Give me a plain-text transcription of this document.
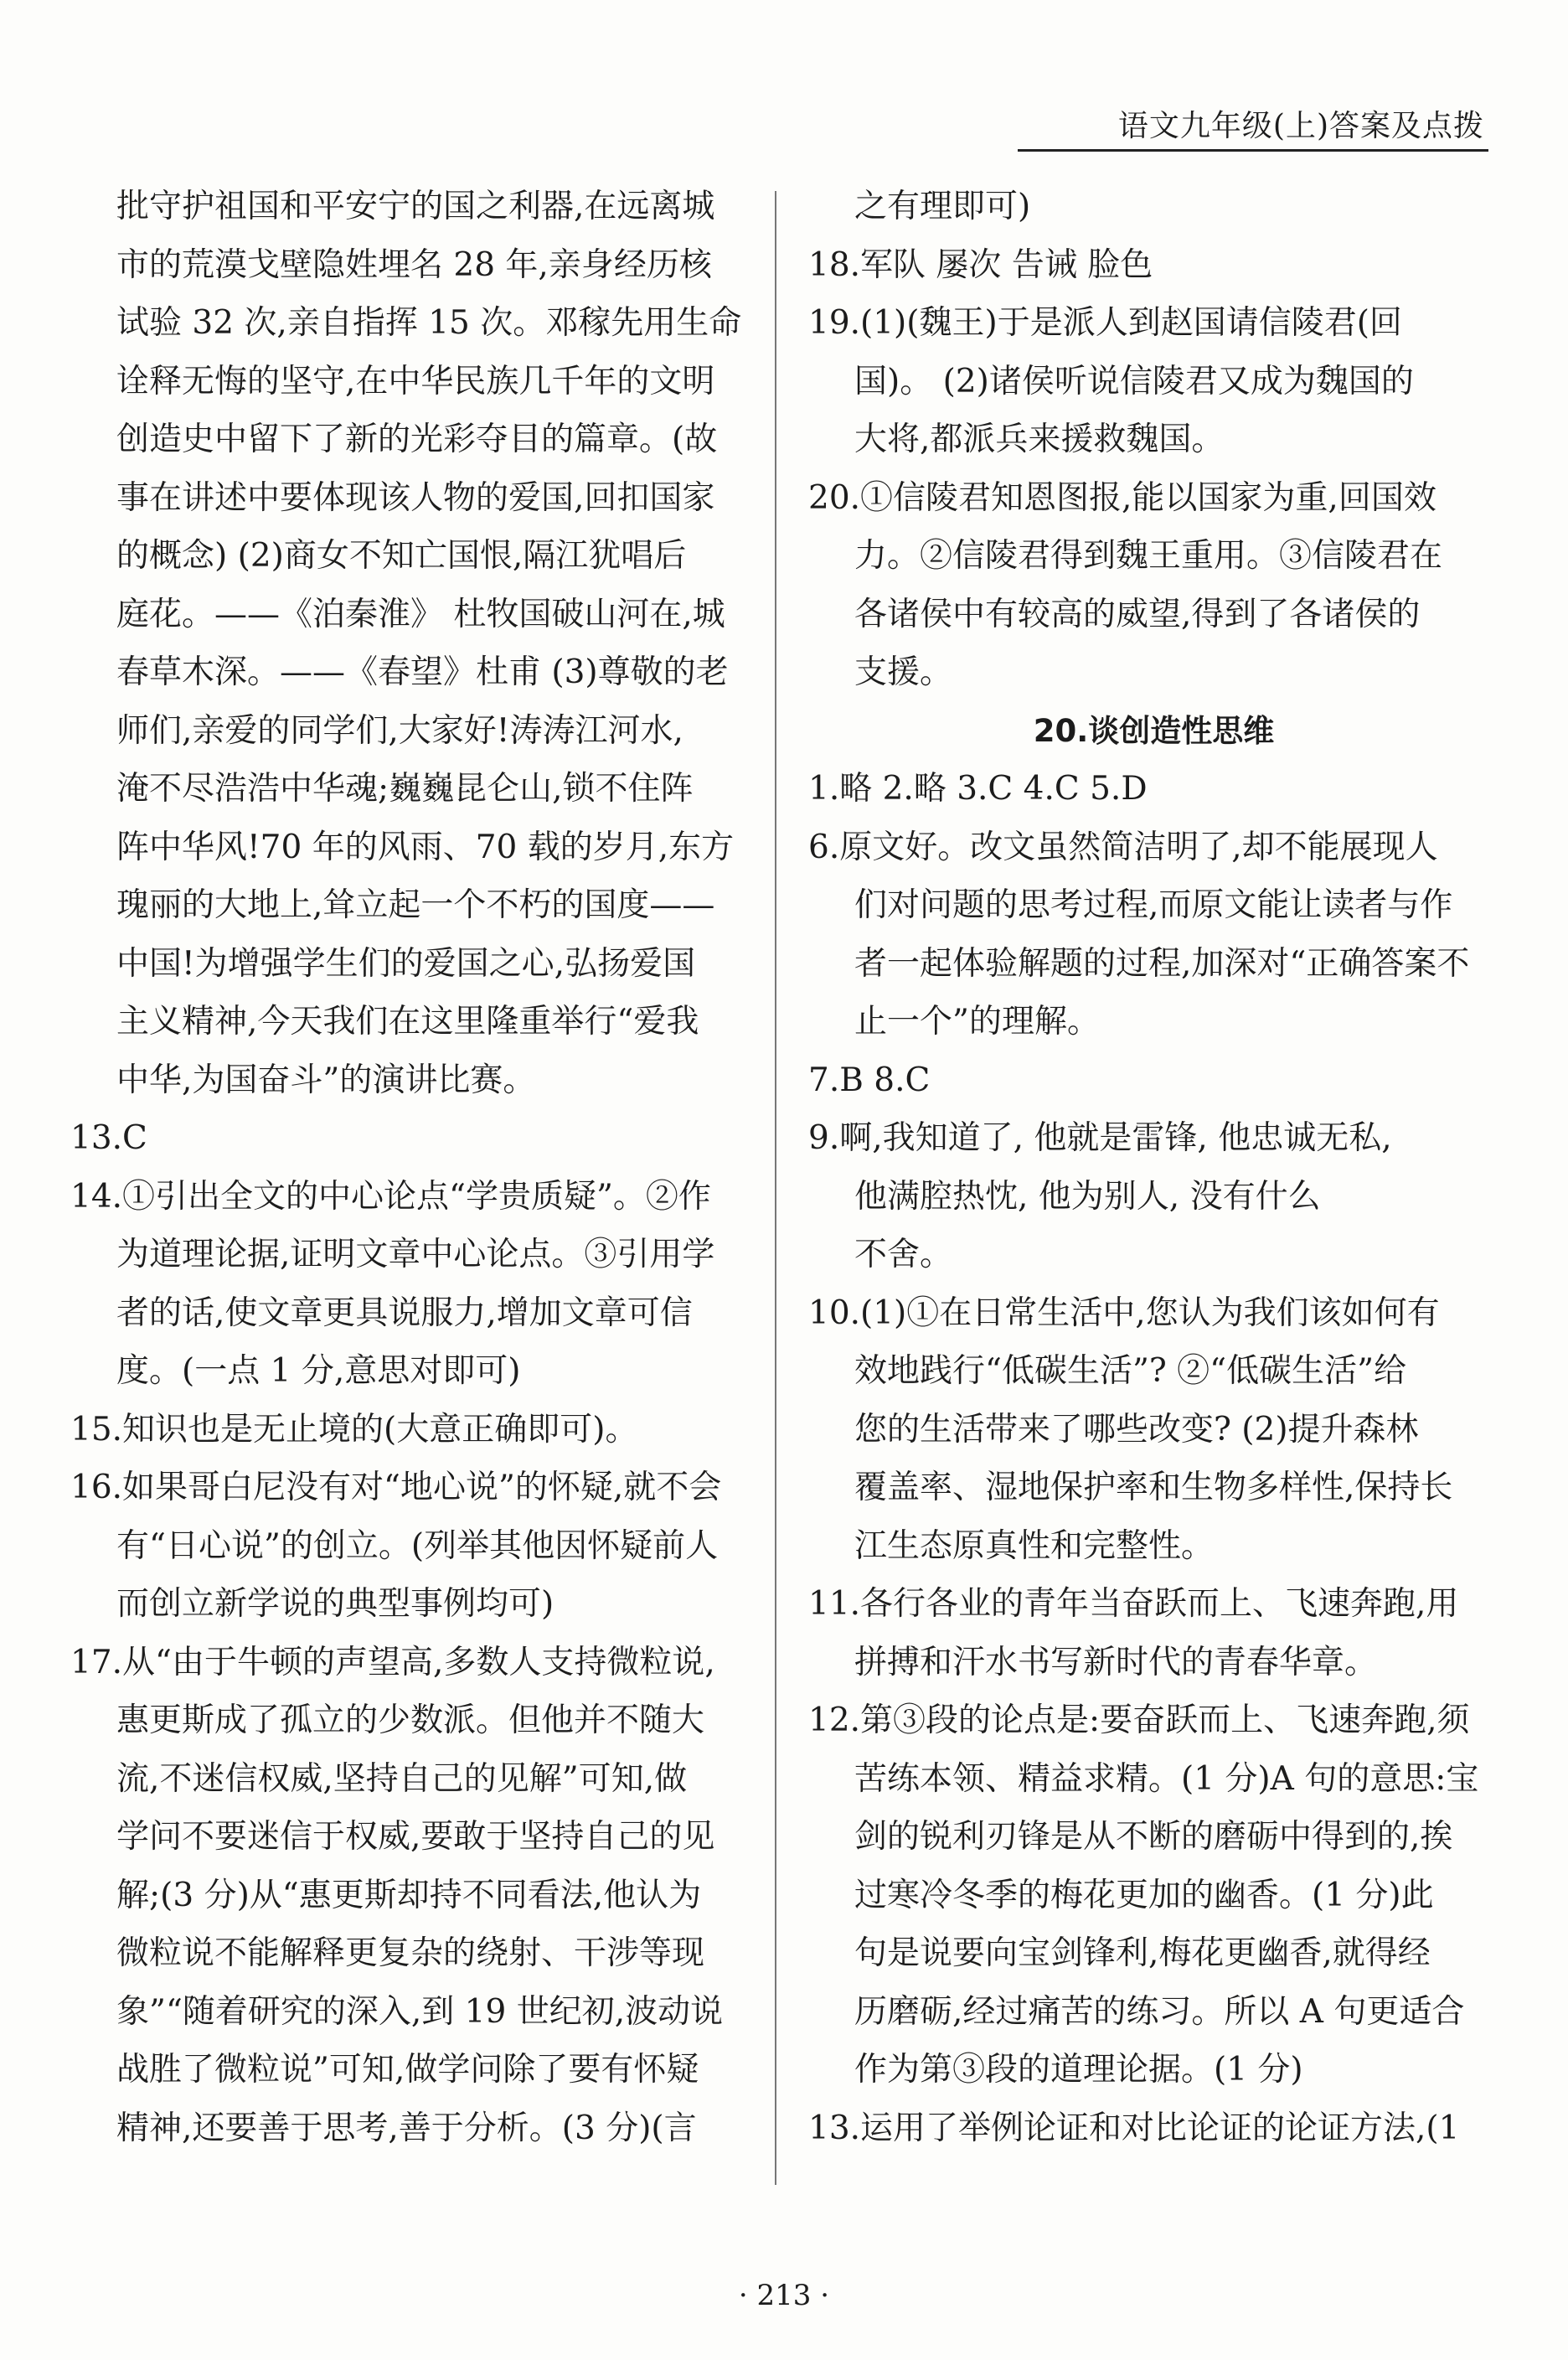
语文九年级(上)答案及点拨
批守护祖国和平安宁的国之利器,在远离城
市的荒漠戈壁隐姓埋名 28 年,亲身经历核
试验 32 次,亲自指挥 15 次。邓稼先用生命
诠释无悔的坚守,在中华民族几千年的文明
创造史中留下了新的光彩夺目的篇章。(故
事在讲述中要体现该人物的爱国,回扣国家
的概念) (2)商女不知亡国恨,隔江犹唱后
庭花。——《泊秦淮》 杜牧国破山河在,城
春草木深。——《春望》杜甫 (3)尊敬的老
师们,亲爱的同学们,大家好!涛涛江河水,
淹不尽浩浩中华魂;巍巍昆仑山,锁不住阵
阵中华风!70 年的风雨、70 载的岁月,东方
瑰丽的大地上,耸立起一个不朽的国度——
中国!为增强学生们的爱国之心,弘扬爱国
主义精神,今天我们在这里隆重举行“爱我
中华,为国奋斗”的演讲比赛。
13.C
14.①引出全文的中心论点“学贵质疑”。②作
为道理论据,证明文章中心论点。③引用学
者的话,使文章更具说服力,增加文章可信
度。(一点 1 分,意思对即可)
15.知识也是无止境的(大意正确即可)。
16.如果哥白尼没有对“地心说”的怀疑,就不会
有“日心说”的创立。(列举其他因怀疑前人
而创立新学说的典型事例均可)
17.从“由于牛顿的声望高,多数人支持微粒说,
惠更斯成了孤立的少数派。但他并不随大
流,不迷信权威,坚持自己的见解”可知,做
学问不要迷信于权威,要敢于坚持自己的见
解;(3 分)从“惠更斯却持不同看法,他认为
微粒说不能解释更复杂的绕射、干涉等现
象”“随着研究的深入,到 19 世纪初,波动说
战胜了微粒说”可知,做学问除了要有怀疑
精神,还要善于思考,善于分析。(3 分)(言
之有理即可)
18.军队 屡次 告诫 脸色
19.(1)(魏王)于是派人到赵国请信陵君(回
国)。 (2)诸侯听说信陵君又成为魏国的
大将,都派兵来援救魏国。
20.①信陵君知恩图报,能以国家为重,回国效
力。②信陵君得到魏王重用。③信陵君在
各诸侯中有较高的威望,得到了各诸侯的
支援。
20.谈创造性思维
1.略 2.略 3.C 4.C 5.D
6.原文好。改文虽然简洁明了,却不能展现人
们对问题的思考过程,而原文能让读者与作
者一起体验解题的过程,加深对“正确答案不
止一个”的理解。
7.B 8.C
9.啊,我知道了, 他就是雷锋, 他忠诚无私,
他满腔热忱, 他为别人, 没有什么
不舍。
10.(1)①在日常生活中,您认为我们该如何有
效地践行“低碳生活”? ②“低碳生活”给
您的生活带来了哪些改变? (2)提升森林
覆盖率、湿地保护率和生物多样性,保持长
江生态原真性和完整性。
11.各行各业的青年当奋跃而上、飞速奔跑,用
拼搏和汗水书写新时代的青春华章。
12.第③段的论点是:要奋跃而上、飞速奔跑,须
苦练本领、精益求精。(1 分)A 句的意思:宝
剑的锐利刃锋是从不断的磨砺中得到的,挨
过寒冷冬季的梅花更加的幽香。(1 分)此
句是说要向宝剑锋利,梅花更幽香,就得经
历磨砺,经过痛苦的练习。所以 A 句更适合
作为第③段的道理论据。(1 分)
13.运用了举例论证和对比论证的论证方法,(1
· 213 ·
